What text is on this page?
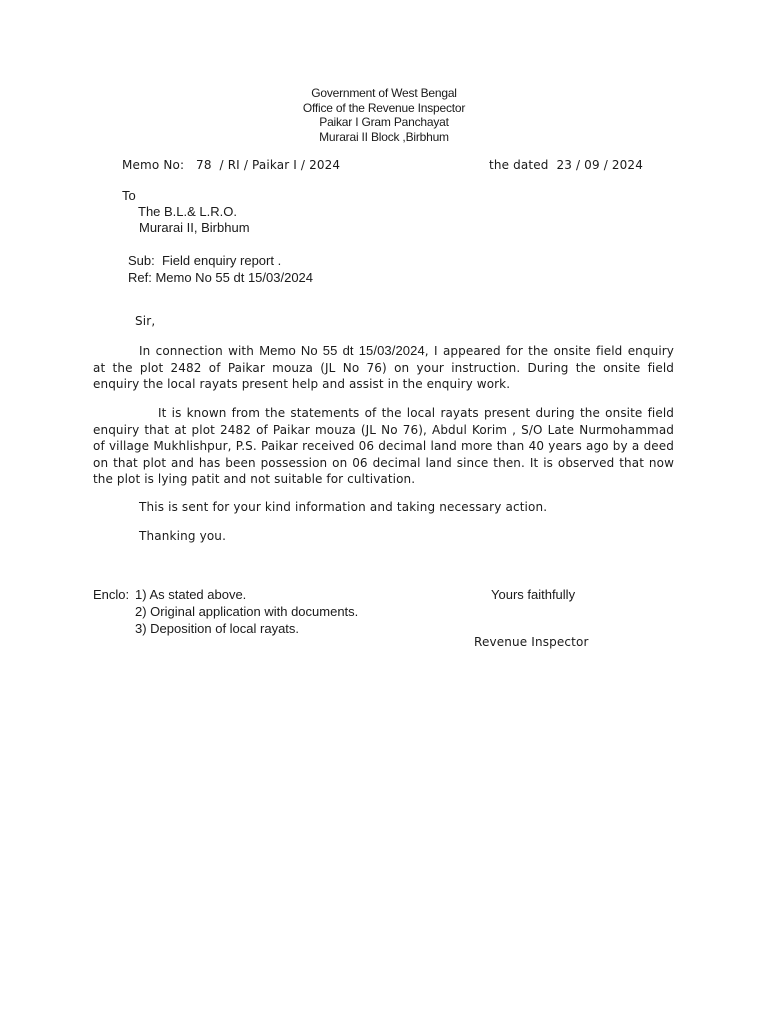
Government of West Bengal
Office of the Revenue Inspector
Paikar I Gram Panchayat
Murarai II Block ,Birbhum
Memo No:   78  / RI / Paikar I / 2024	the dated  23 / 09 / 2024
To
The B.L.& L.R.O.
Murarai II, Birbhum
Sub:  Field enquiry report .
Ref: Memo No 55 dt 15/03/2024
Sir,
In connection with Memo No 55 dt 15/03/2024, I appeared for the onsite field enquiry
at the plot 2482 of Paikar mouza (JL No 76) on your instruction. During the onsite field
enquiry the local rayats present help and assist in the enquiry work.
It is known from the statements of the local rayats present during the onsite field
enquiry that at plot 2482 of Paikar mouza (JL No 76), Abdul Korim , S/O Late Nurmohammad
of village Mukhlishpur, P.S. Paikar received 06 decimal land more than 40 years ago by a deed
on that plot and has been possession on 06 decimal land since then. It is observed that now
the plot is lying patit and not suitable for cultivation.
This is sent for your kind information and taking necessary action.
Thanking you.
Enclo: 1) As stated above.
2) Original application with documents.
3) Deposition of local rayats.
Yours faithfully
Revenue Inspector
